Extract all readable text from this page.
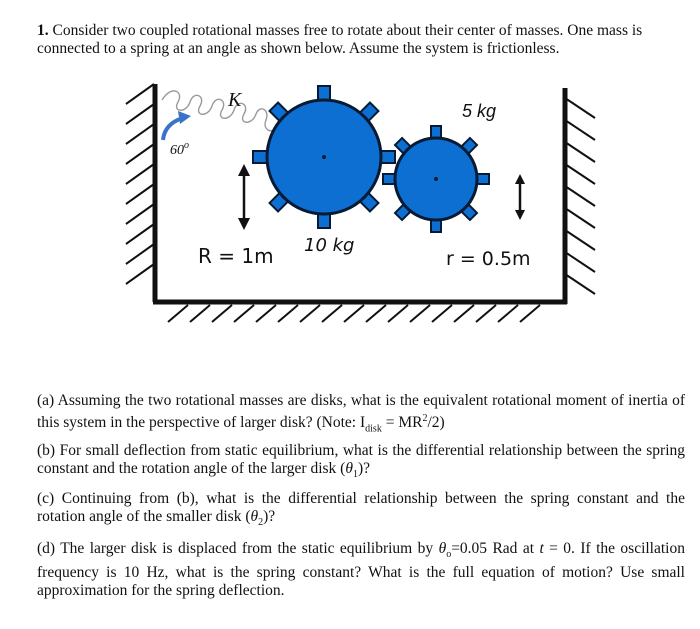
1. Consider two coupled rotational masses free to rotate about their center of masses. One mass is connected to a spring at an angle as shown below. Assume the system is frictionless.
K
60$^o$
5 kg
10 kg
R = 1m	r = 0.5m
(a) Assuming the two rotational masses are disks, what is the equivalent rotational moment of inertia of this system in the perspective of larger disk? (Note: $I_{disk} = MR^2/2$)
(b) For small deflection from static equilibrium, what is the differential relationship between the spring constant and the rotation angle of the larger disk $(\theta_1)$?
(c) Continuing from (b), what is the differential relationship between the spring constant and the rotation angle of the smaller disk $(\theta_2)$?
(d) The larger disk is displaced from the static equilibrium by $\theta_o=0.05$ Rad at t = 0. If the oscillation frequency is 10 Hz, what is the spring constant? What is the full equation of motion? Use small approximation for the spring deflection.
